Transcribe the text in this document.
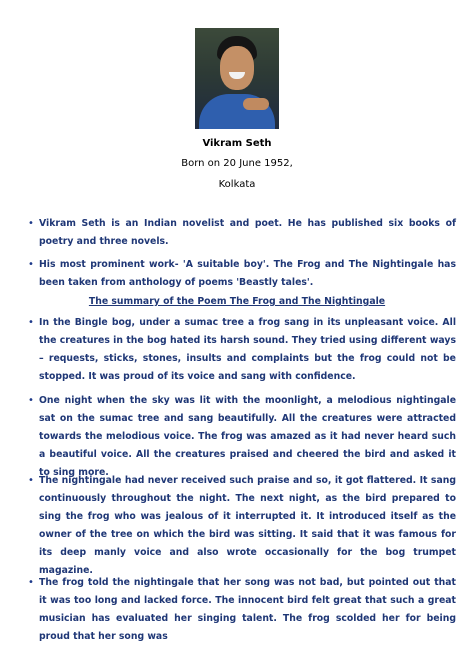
Vikram Seth
Born on 20 June 1952,
Kolkata
• Vikram Seth is an Indian novelist and poet. He has published six books of poetry and three novels.
• His most prominent work- 'A suitable boy'. The Frog and The Nightingale has been taken from anthology of poems 'Beastly tales'.
The summary of the Poem The Frog and The Nightingale
• In the Bingle bog, under a sumac tree a frog sang in its unpleasant voice. All the creatures in the bog hated its harsh sound. They tried using different ways – requests, sticks, stones, insults and complaints but the frog could not be stopped. It was proud of its voice and sang with confidence.
• One night when the sky was lit with the moonlight, a melodious nightingale sat on the sumac tree and sang beautifully. All the creatures were attracted towards the melodious voice. The frog was amazed as it had never heard such a beautiful voice. All the creatures praised and cheered the bird and asked it to sing more.
• The nightingale had never received such praise and so, it got flattered. It sang continuously throughout the night. The next night, as the bird prepared to sing the frog who was jealous of it interrupted it. It introduced itself as the owner of the tree on which the bird was sitting. It said that it was famous for its deep manly voice and also wrote occasionally for the bog trumpet magazine.
• The frog told the nightingale that her song was not bad, but pointed out that it was too long and lacked force. The innocent bird felt great that such a great musician has evaluated her singing talent. The frog scolded her for being proud that her song was
